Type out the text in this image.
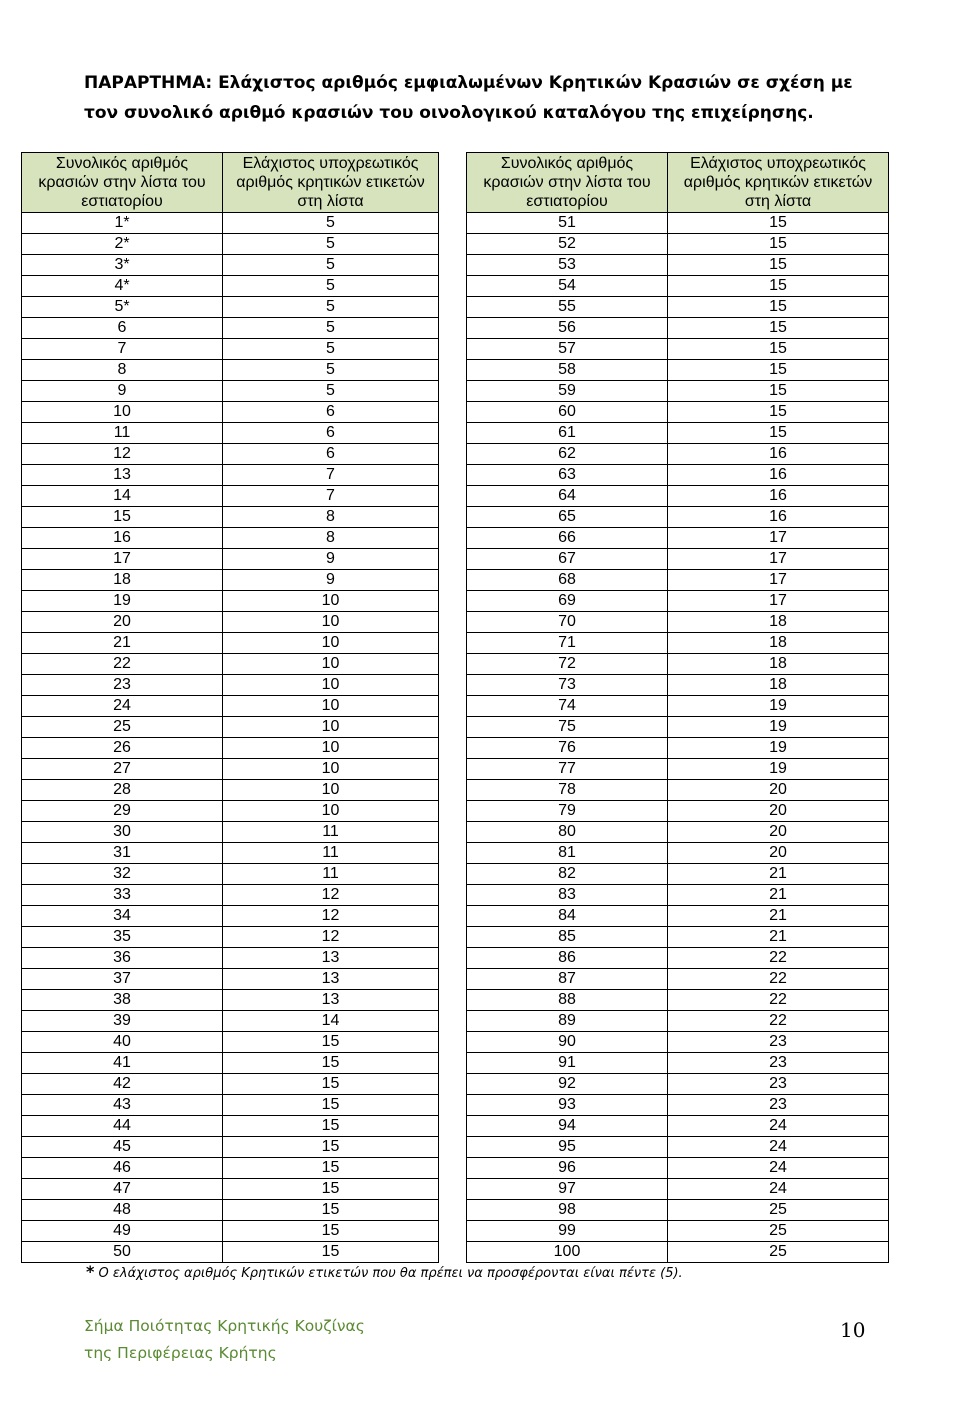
ΠΑΡΑΡΤΗΜΑ: Ελάχιστος αριθμός εμφιαλωμένων Κρητικών Κρασιών σε σχέση με τον συνολικό αριθμό κρασιών του οινολογικού καταλόγου της επιχείρησης.
Συνολικός αριθμός κρασιών στην λίστα του εστιατορίου	Ελάχιστος υποχρεωτικός αριθμός κρητικών ετικετών στη λίστα
1*	5
2*	5
3*	5
4*	5
5*	5
6	5
7	5
8	5
9	5
10	6
11	6
12	6
13	7
14	7
15	8
16	8
17	9
18	9
19	10
20	10
21	10
22	10
23	10
24	10
25	10
26	10
27	10
28	10
29	10
30	11
31	11
32	11
33	12
34	12
35	12
36	13
37	13
38	13
39	14
40	15
41	15
42	15
43	15
44	15
45	15
46	15
47	15
48	15
49	15
50	15
Συνολικός αριθμός κρασιών στην λίστα του εστιατορίου	Ελάχιστος υποχρεωτικός αριθμός κρητικών ετικετών στη λίστα
51	15
52	15
53	15
54	15
55	15
56	15
57	15
58	15
59	15
60	15
61	15
62	16
63	16
64	16
65	16
66	17
67	17
68	17
69	17
70	18
71	18
72	18
73	18
74	19
75	19
76	19
77	19
78	20
79	20
80	20
81	20
82	21
83	21
84	21
85	21
86	22
87	22
88	22
89	22
90	23
91	23
92	23
93	23
94	24
95	24
96	24
97	24
98	25
99	25
100	25
* Ο ελάχιστος αριθμός Κρητικών ετικετών που θα πρέπει να προσφέρονται είναι πέντε (5).
Σήμα Ποιότητας Κρητικής Κουζίνας
της Περιφέρειας Κρήτης
10
